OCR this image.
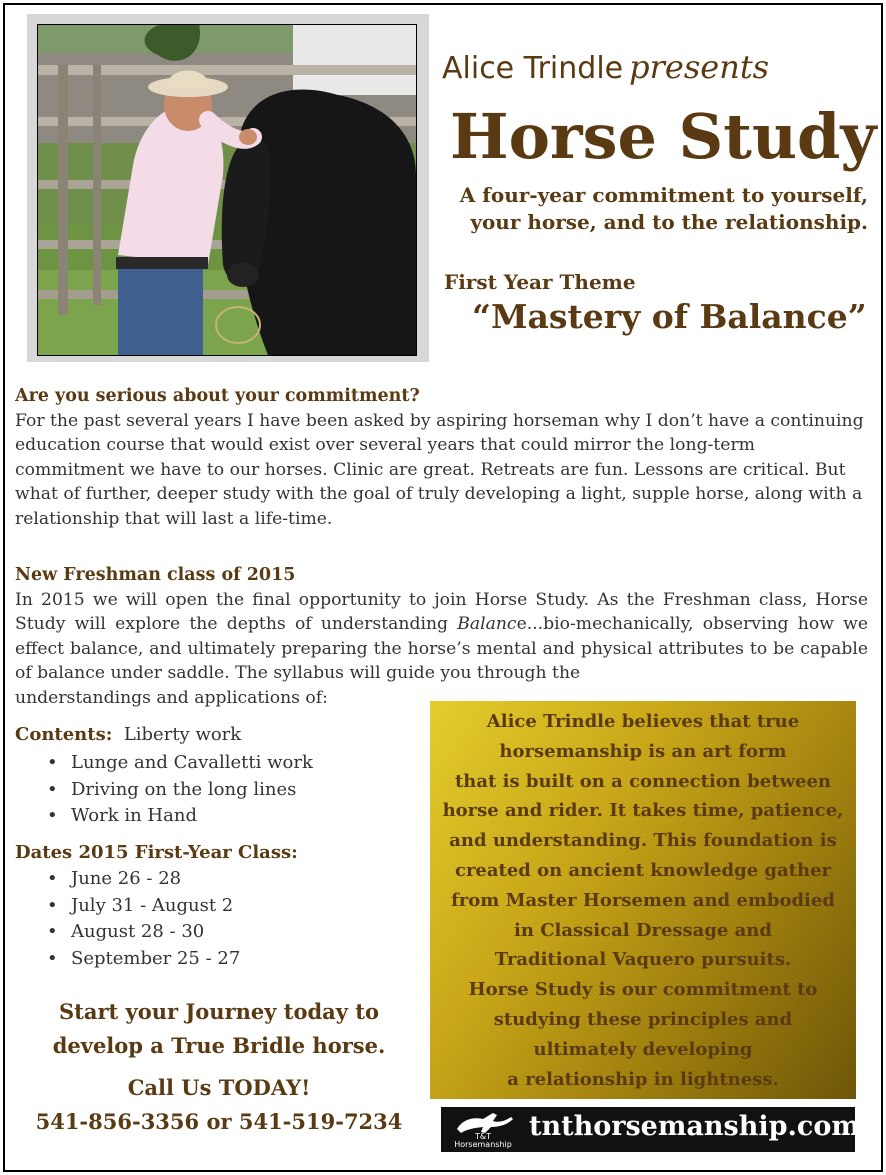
Alice Trindle presents
Horse Study
A four-year commitment to yourself,
your horse, and to the relationship.
First Year Theme
“Mastery of Balance”
Are you serious about your commitment?
For the past several years I have been asked by aspiring horseman why I don’t have a continuing education course that would exist over several years that could mirror the long-term commitment we have to our horses. Clinic are great. Retreats are fun. Lessons are critical. But what of further, deeper study with the goal of truly developing a light, supple horse, along with a relationship that will last a life-time.
New Freshman class of 2015
In 2015 we will open the final opportunity to join Horse Study. As the Freshman class, Horse Study will explore the depths of understanding Balance...bio-mechanically, observing how we effect balance, and ultimately preparing the horse’s mental and physical attributes to be capable of balance under saddle. The syllabus will guide you through the
understandings and applications of:
Contents: Liberty work
• Lunge and Cavalletti work
• Driving on the long lines
• Work in Hand
Dates 2015 First-Year Class:
• June 26 - 28
• July 31 - August 2
• August 28 - 30
• September 25 - 27
Start your Journey today to
develop a True Bridle horse.
Call Us TODAY!
541-856-3356 or 541-519-7234
Alice Trindle believes that true
horsemanship is an art form
that is built on a connection between
horse and rider. It takes time, patience,
and understanding. This foundation is
created on ancient knowledge gather
from Master Horsemen and embodied
in Classical Dressage and
Traditional Vaquero pursuits.
Horse Study is our commitment to
studying these principles and
ultimately developing
a relationship in lightness.
T&T
Horsemanship
tnthorsemanship.com
